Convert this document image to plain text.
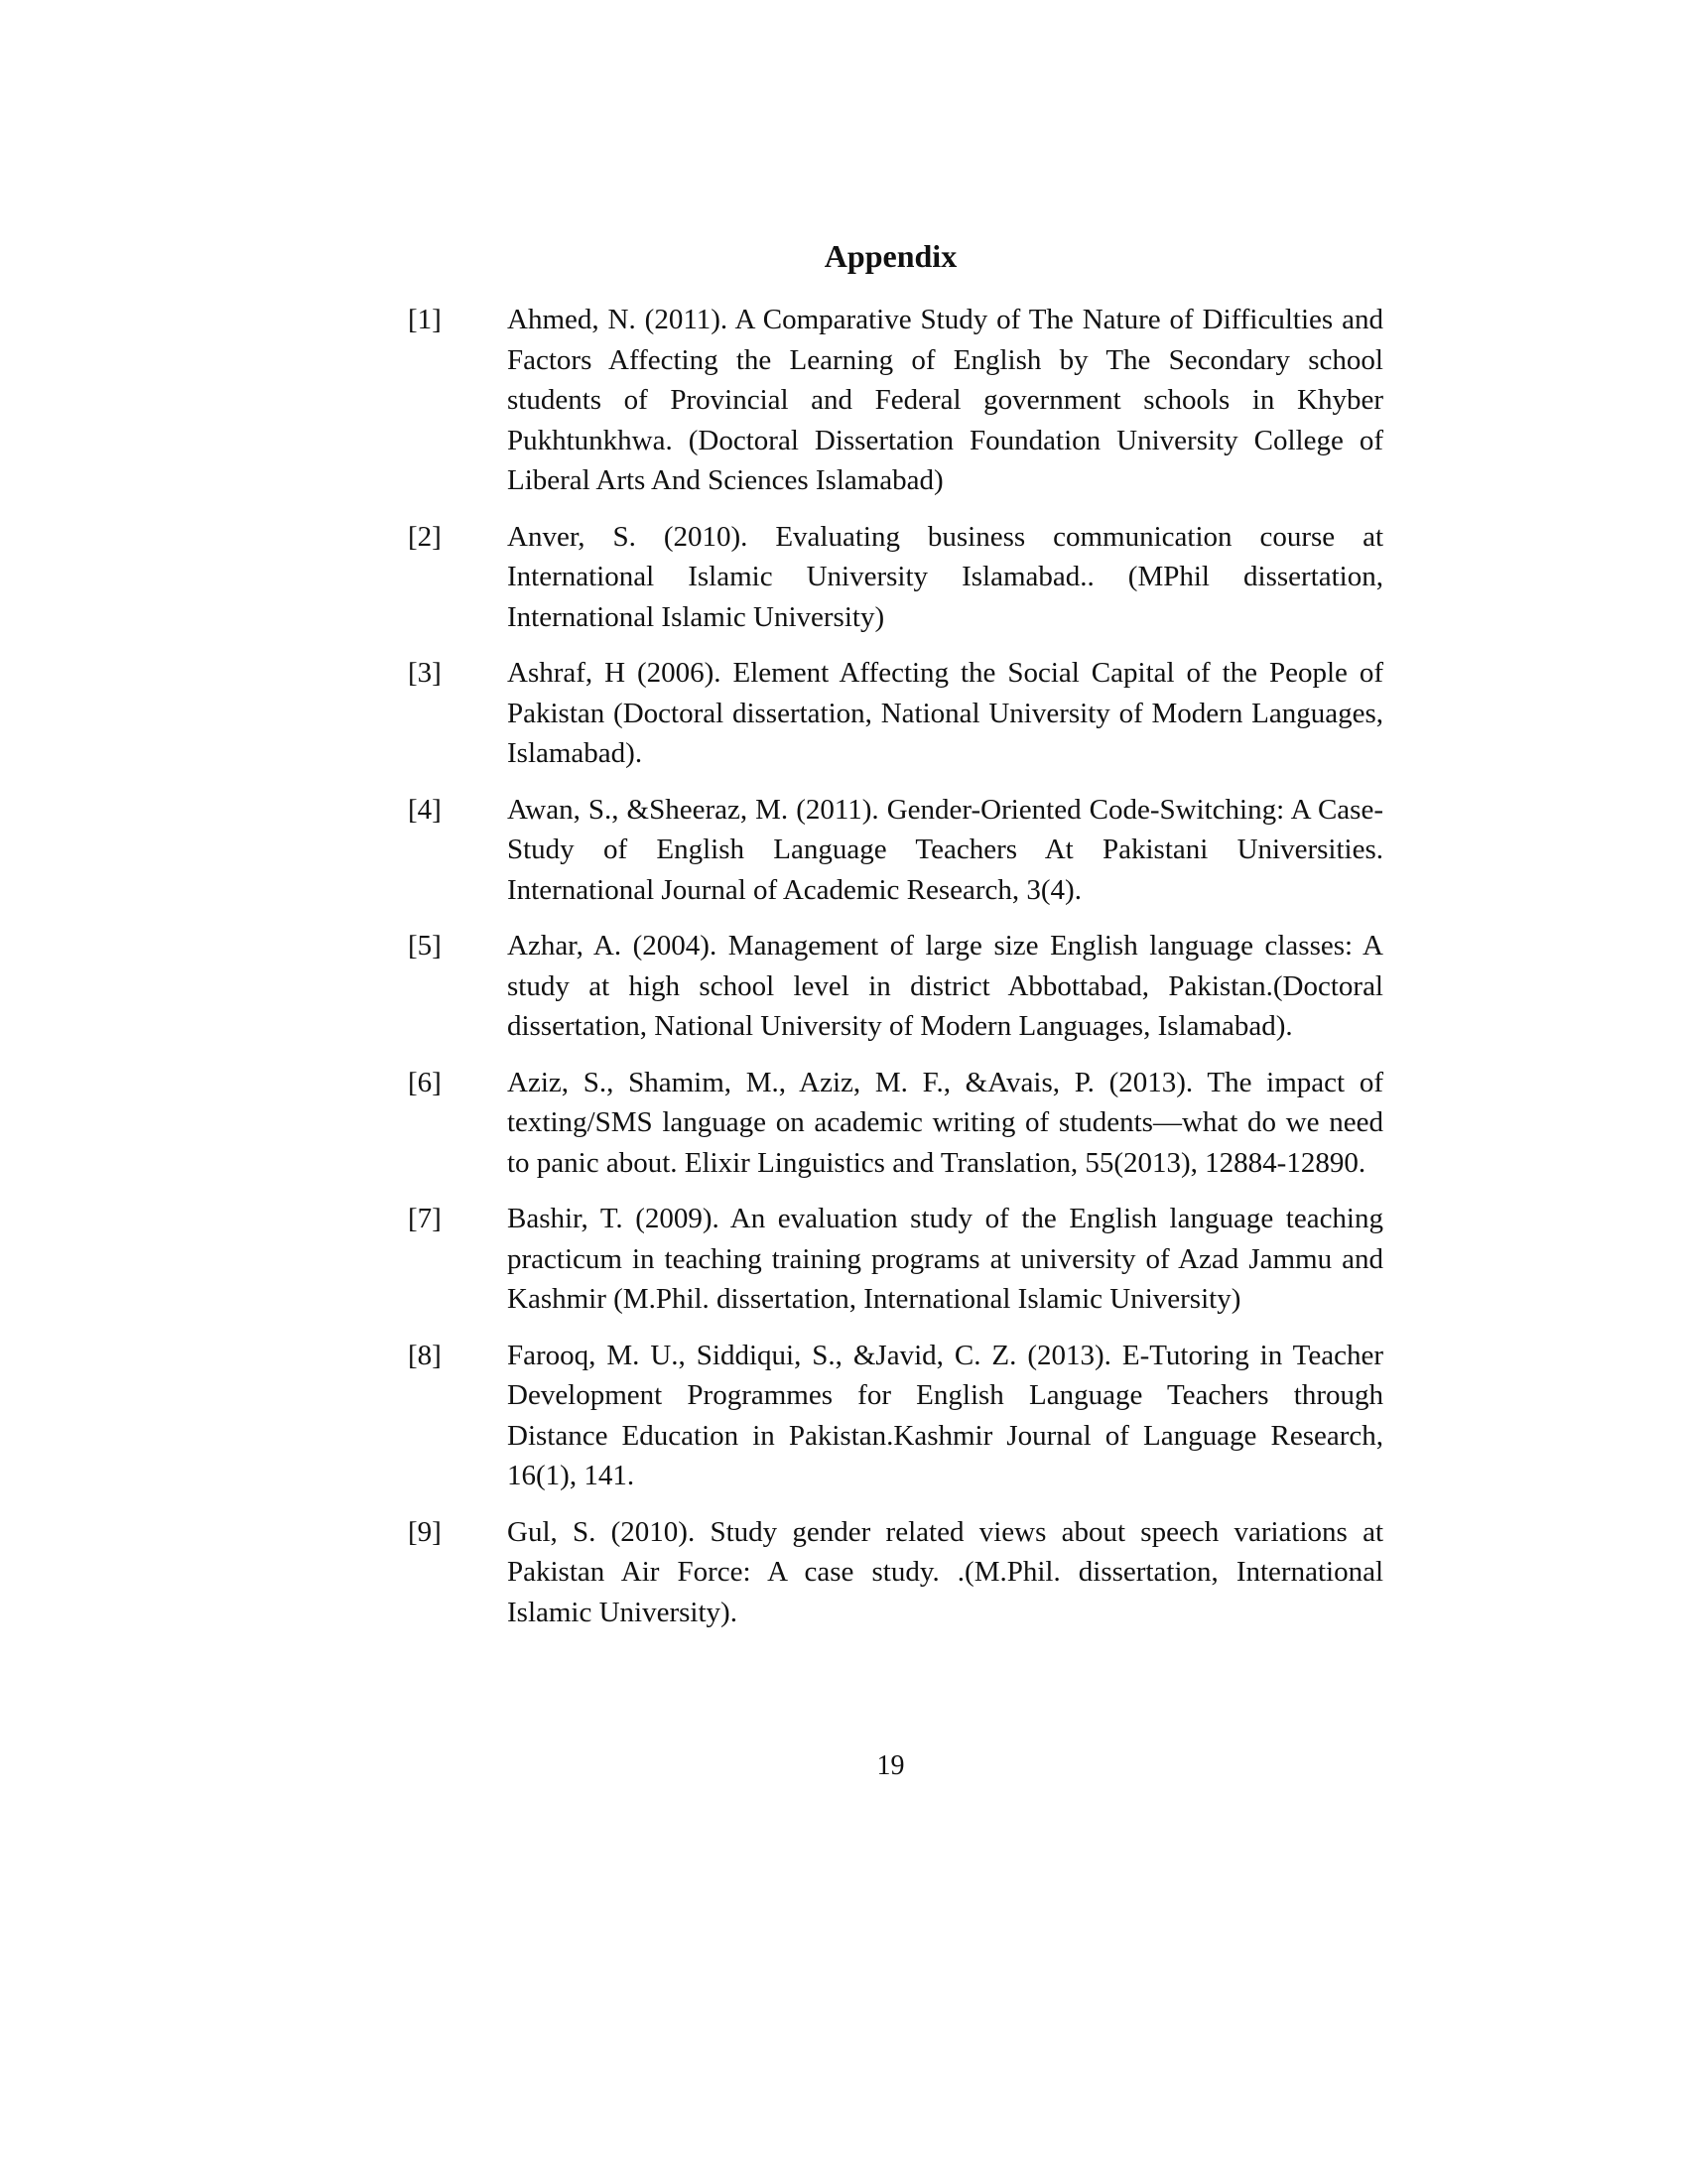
Appendix
[1]	Ahmed, N. (2011). A Comparative Study of The Nature of Difficulties and Factors Affecting the Learning of English by The Secondary school students of Provincial and Federal government schools in Khyber Pukhtunkhwa. (Doctoral Dissertation Foundation University College of Liberal Arts And Sciences Islamabad)
[2]	Anver, S. (2010). Evaluating business communication course at International Islamic University Islamabad.. (MPhil dissertation, International Islamic University)
[3]	Ashraf, H (2006). Element Affecting the Social Capital of the People of Pakistan (Doctoral dissertation, National University of Modern Languages, Islamabad).
[4]	Awan, S., &Sheeraz, M. (2011). Gender-Oriented Code-Switching: A Case-Study of English Language Teachers At Pakistani Universities. International Journal of Academic Research, 3(4).
[5]	Azhar, A. (2004). Management of large size English language classes: A study at high school level in district Abbottabad, Pakistan.(Doctoral dissertation, National University of Modern Languages, Islamabad).
[6]	Aziz, S., Shamim, M., Aziz, M. F., &Avais, P. (2013). The impact of texting/SMS language on academic writing of students—what do we need to panic about. Elixir Linguistics and Translation, 55(2013), 12884-12890.
[7]	Bashir, T. (2009). An evaluation study of the English language teaching practicum in teaching training programs at university of Azad Jammu and Kashmir (M.Phil. dissertation, International Islamic University)
[8]	Farooq, M. U., Siddiqui, S., &Javid, C. Z. (2013). E-Tutoring in Teacher Development Programmes for English Language Teachers through Distance Education in Pakistan.Kashmir Journal of Language Research, 16(1), 141.
[9]	Gul, S. (2010). Study gender related views about speech variations at Pakistan Air Force: A case study. .(M.Phil. dissertation, International Islamic University).
19
